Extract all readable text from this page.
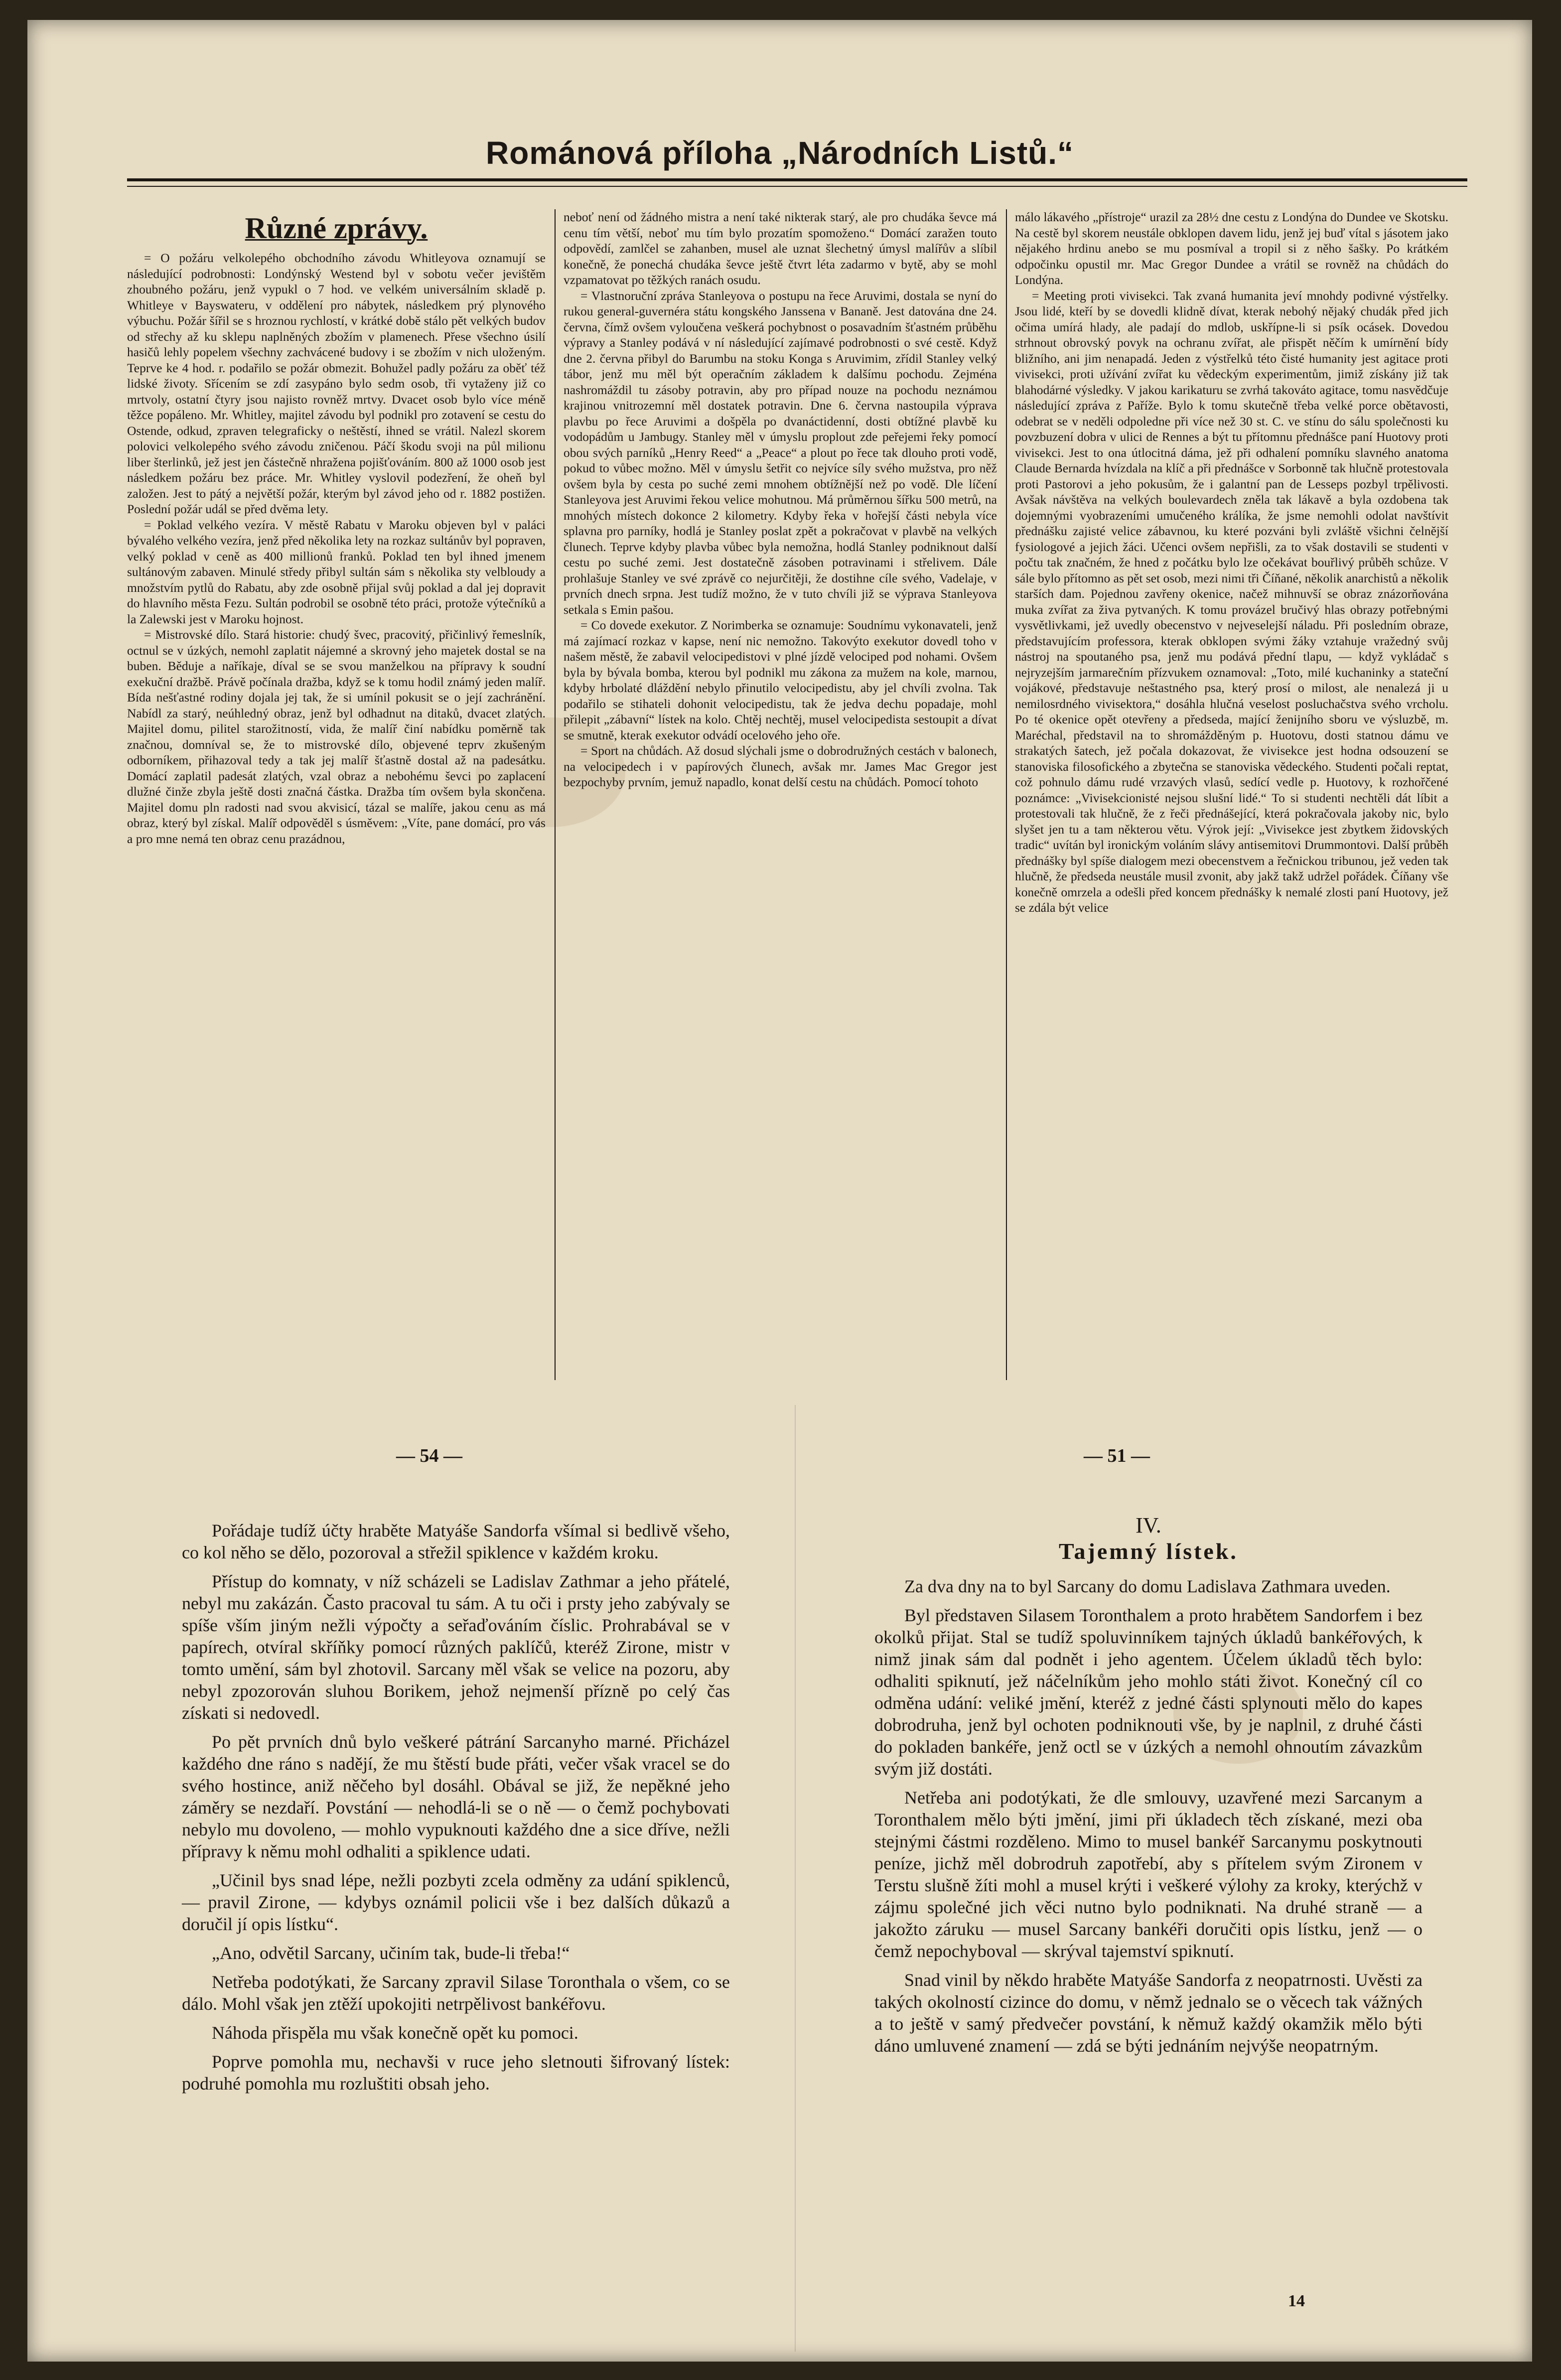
Románová příloha „Národních Listů.“
Různé zprávy.

= O požáru velkolepého obchodního závodu Whitleyova oznamují se následující podrobnosti: Londýnský Westend byl v sobotu večer jevištěm zhoubného požáru, jenž vypukl o 7 hod. ve velkém universálním skladě p. Whitleye v Bayswateru, v oddělení pro nábytek, následkem prý plynového výbuchu. Požár šířil se s hroznou rychlostí, v krátké době stálo pět velkých budov od střechy až ku sklepu naplněných zbožím v plamenech. Přese všechno úsilí hasičů lehly popelem všechny zachvácené budovy i se zbožím v nich uloženým. Teprve ke 4 hod. r. podařilo se požár obmezit. Bohužel padly požáru za oběť též lidské životy. Sřícením se zdí zasypáno bylo sedm osob, tři vytaženy již co mrtvoly, ostatní čtyry jsou najisto rovněž mrtvy. Dvacet osob bylo více méně těžce popáleno. Mr. Whitley, majitel závodu byl podnikl pro zotavení se cestu do Ostende, odkud, zpraven telegraficky o neštěstí, ihned se vrátil. Nalezl skorem polovici velkolepého svého závodu zničenou. Páčí škodu svoji na půl milionu liber šterlinků, jež jest jen částečně nhražena pojišťováním. 800 až 1000 osob jest následkem požáru bez práce. Mr. Whitley vyslovil podezření, že oheň byl založen. Jest to pátý a největší požár, kterým byl závod jeho od r. 1882 postižen. Poslední požár udál se před dvěma lety.

= Poklad velkého vezíra. V městě Rabatu v Maroku objeven byl v paláci bývalého velkého vezíra, jenž před několika lety na rozkaz sultánův byl popraven, velký poklad v ceně as 400 millionů franků. Poklad ten byl ihned jmenem sultánovým zabaven. Minulé středy přibyl sultán sám s několika sty velbloudy a množstvím pytlů do Rabatu, aby zde osobně přijal svůj poklad a dal jej dopravit do hlavního města Fezu. Sultán podrobil se osobně této práci, protože výtečníků a la Zalewski jest v Maroku hojnost.

= Mistrovské dílo. Stará historie: chudý švec, pracovitý, přičinlivý řemeslník, octnul se v úzkých, nemohl zaplatit nájemné a skrovný jeho majetek dostal se na buben. Běduje a naříkaje, díval se se svou manželkou na přípravy k soudní exekuční dražbě. Právě počínala dražba, když se k tomu hodil známý jeden malíř. Bída nešťastné rodiny dojala jej tak, že si umínil pokusit se o její zachránění. Nabídl za starý, neúhledný obraz, jenž byl odhadnut na ditaků, dvacet zlatých. Majitel domu, pilitel starožitností, vida, že malíř činí nabídku poměrně tak značnou, domníval se, že to mistrovské dílo, objevené teprv zkušeným odborníkem, přihazoval tedy a tak jej malíř šťastně dostal až na padesátku. Domácí zaplatil padesát zlatých, vzal obraz a nebohému ševci po zaplacení dlužné činže zbyla ještě dosti značná částka. Dražba tím ovšem byla skončena. Majitel domu pln radosti nad svou akvisicí, tázal se malíře, jakou cenu as má obraz, který byl získal. Malíř odpověděl s úsměvem: „Víte, pane domácí, pro vás a pro mne nemá ten obraz cenu prazádnou,

neboť není od žádného mistra a není také nikterak starý, ale pro chudáka ševce má cenu tím větší, neboť mu tím bylo prozatím spomoženo.“ Domácí zaražen touto odpovědí, zamlčel se zahanben, musel ale uznat šlechetný úmysl malířův a slíbil konečně, že ponechá chudáka ševce ještě čtvrt léta zadarmo v bytě, aby se mohl vzpamatovat po těžkých ranách osudu.

= Vlastnoruční zpráva Stanleyova o postupu na řece Aruvimi, dostala se nyní do rukou general-guvernéra státu kongského Janssena v Bananě. Jest datována dne 24. června, čímž ovšem vyloučena veškerá pochybnost o posavadním šťastném průběhu výpravy a Stanley podává v ní následující zajímavé podrobnosti o své cestě. Když dne 2. června přibyl do Barumbu na stoku Konga s Aruvimim, zřídil Stanley velký tábor, jenž mu měl být operačním základem k dalšímu pochodu. Zejména nashromáždil tu zásoby potravin, aby pro případ nouze na pochodu neznámou krajinou vnitrozemní měl dostatek potravin. Dne 6. června nastoupila výprava plavbu po řece Aruvimi a došpěla po dvanáctidenní, dosti obtížné plavbě ku vodopádům u Jambugy. Stanley měl v úmyslu proplout zde peřejemi řeky pomocí obou svých parníků „Henry Reed“ a „Peace“ a plout po řece tak dlouho proti vodě, pokud to vůbec možno. Měl v úmyslu šetřit co nejvíce síly svého mužstva, pro něž ovšem byla by cesta po suché zemi mnohem obtížnější než po vodě. Dle líčení Stanleyova jest Aruvimi řekou velice mohutnou. Má průměrnou šířku 500 metrů, na mnohých místech dokonce 2 kilometry. Kdyby řeka v hořejší části nebyla více splavna pro parníky, hodlá je Stanley poslat zpět a pokračovat v plavbě na velkých člunech. Teprve kdyby plavba vůbec byla nemožna, hodlá Stanley podniknout další cestu po suché zemi. Jest dostatečně zásoben potravinami i střelivem. Dále prohlašuje Stanley ve své zprávě co nejurčitěji, že dostihne cíle svého, Vadelaje, v prvních dnech srpna. Jest tudíž možno, že v tuto chvíli již se výprava Stanleyova setkala s Emin pašou.

= Co dovede exekutor. Z Norimberka se oznamuje: Soudnímu vykonavateli, jenž má zajímací rozkaz v kapse, není nic nemožno. Takovýto exekutor dovedl toho v našem městě, že zabavil velocipedistovi v plné jízdě velociped pod nohami. Ovšem byla by bývala bomba, kterou byl podnikl mu zákona za mužem na kole, marnou, kdyby hrbolaté dláždění nebylo přinutilo velocipedistu, aby jel chvíli zvolna. Tak podařilo se stihateli dohonit velocipedistu, tak že jedva dechu popadaje, mohl přilepit „zábavní“ lístek na kolo. Chtěj nechtěj, musel velocipedista sestoupit a dívat se smutně, kterak exekutor odvádí ocelového jeho oře.

= Sport na chůdách. Až dosud slýchali jsme o dobrodružných cestách v balonech, na velocipedech i v papírových člunech, avšak mr. James Mac Gregor jest bezpochyby prvním, jemuž napadlo, konat delší cestu na chůdách. Pomocí tohoto

málo lákavého „přístroje“ urazil za 28½ dne cestu z Londýna do Dundee ve Skotsku. Na cestě byl skorem neustále obklopen davem lidu, jenž jej buď vítal s jásotem jako nějakého hrdinu anebo se mu posmíval a tropil si z něho šašky. Po krátkém odpočinku opustil mr. Mac Gregor Dundee a vrátil se rovněž na chůdách do Londýna.

= Meeting proti vivisekci. Tak zvaná humanita jeví mnohdy podivné výstřelky. Jsou lidé, kteří by se dovedli klidně dívat, kterak nebohý nějaký chudák před jich očima umírá hlady, ale padají do mdlob, uskřípne-li si psík ocásek. Dovedou strhnout obrovský povyk na ochranu zvířat, ale přispět něčím k umírnění bídy bližního, ani jim nenapadá. Jeden z výstřelků této čisté humanity jest agitace proti vivisekci, proti užívání zvířat ku vědeckým experimentům, jimiž získány již tak blahodárné výsledky. V jakou karikaturu se zvrhá takováto agitace, tomu nasvědčuje následující zpráva z Paříže. Bylo k tomu skutečně třeba velké porce obětavosti, odebrat se v neděli odpoledne při více než 30 st. C. ve stínu do sálu společnosti ku povzbuzení dobra v ulici de Rennes a být tu přítomnu přednášce paní Huotovy proti vivisekci. Jest to ona útlocitná dáma, jež při odhalení pomníku slavného anatoma Claude Bernarda hvízdala na klíč a při přednášce v Sorbonně tak hlučně protestovala proti Pastorovi a jeho pokusům, že i galantní pan de Lesseps pozbyl trpělivosti. Avšak návštěva na velkých boulevardech zněla tak lákavě a byla ozdobena tak dojemnými vyobrazeními umučeného králíka, že jsme nemohli odolat navštívit přednášku zajisté velice zábavnou, ku které pozváni byli zvláště všichni čelnější fysiologové a jejich žáci. Učenci ovšem nepřišli, za to však dostavili se studenti v počtu tak značném, že hned z počátku bylo lze očekávat bouřlivý průběh schůze. V sále bylo přítomno as pět set osob, mezi nimi tři Číňané, několik anarchistů a několik starších dam. Pojednou zavřeny okenice, načež mihnuvší se obraz znázorňována muka zvířat za živa pytvaných. K tomu provázel bručivý hlas obrazy potřebnými vysvětlivkami, jež uvedly obecenstvo v nejveselejší náladu. Při posledním obraze, představujícím professora, kterak obklopen svými žáky vztahuje vražedný svůj nástroj na spoutaného psa, jenž mu podává přední tlapu, — když vykládač s nejryzejším jarmarečním přízvukem oznamoval: „Toto, milé kuchaninky a stateční vojákové, představuje neštastného psa, který prosí o milost, ale nenalezá ji u nemilosrdného vivisektora,“ dosáhla hlučná veselost posluchačstva svého vrcholu. Po té okenice opět otevřeny a předseda, mající ženijního sboru ve výsluzbě, m. Maréchal, představil na to shromážděným p. Huotovu, dosti statnou dámu ve strakatých šatech, jež počala dokazovat, že vivisekce jest hodna odsouzení se stanoviska filosofického a zbytečna se stanoviska vědeckého. Studenti počali reptat, což pohnulo dámu rudé vrzavých vlasů, sedící vedle p. Huotovy, k rozhořčené poznámce: „Vivisekcionisté nejsou slušní lidé.“ To si studenti nechtěli dát líbit a protestovali tak hlučně, že z řeči přednášející, která pokračovala jakoby nic, bylo slyšet jen tu a tam některou větu. Výrok její: „Vivisekce jest zbytkem židovských tradic“ uvítán byl ironickým voláním slávy antisemitovi Drummontovi. Další průběh přednášky byl spíše dialogem mezi obecenstvem a řečnickou tribunou, jež veden tak hlučně, že předseda neustále musil zvonit, aby jakž takž udržel pořádek. Číňany vše konečně omrzela a odešli před koncem přednášky k nemalé zlosti paní Huotovy, jež se zdála být velice

— 54 —	— 51 —

Pořádaje tudíž účty hraběte Matyáše Sandorfa všímal si bedlivě všeho, co kol něho se dělo, pozoroval a střežil spiklence v každém kroku.

Přístup do komnaty, v níž scházeli se Ladislav Zathmar a jeho přátelé, nebyl mu zakázán. Často pracoval tu sám. A tu oči i prsty jeho zabývaly se spíše vším jiným nežli výpočty a seřaďováním číslic. Prohrabával se v papírech, otvíral skříňky pomocí různých paklíčů, kteréž Zirone, mistr v tomto umění, sám byl zhotovil. Sarcany měl však se velice na pozoru, aby nebyl zpozorován sluhou Borikem, jehož nejmenší přízně po celý čas získati si nedovedl.

Po pět prvních dnů bylo veškeré pátrání Sarcanyho marné. Přicházel každého dne ráno s nadějí, že mu štěstí bude přáti, večer však vracel se do svého hostince, aniž něčeho byl dosáhl. Obával se již, že nepěkné jeho záměry se nezdaří. Povstání — nehodlá-li se o ně — o čemž pochybovati nebylo mu dovoleno, — mohlo vypuknouti každého dne a sice dříve, nežli přípravy k němu mohl odhaliti a spiklence udati.

„Učinil bys snad lépe, nežli pozbyti zcela odměny za udání spiklenců, — pravil Zirone, — kdybys oznámil policii vše i bez dalších důkazů a doručil jí opis lístku“.

„Ano, odvětil Sarcany, učiním tak, bude-li třeba!“

Netřeba podotýkati, že Sarcany zpravil Silase Toronthala o všem, co se dálo. Mohl však jen ztěží upokojiti netrpělivost bankéřovu.

Náhoda přispěla mu však konečně opět ku pomoci.

Poprve pomohla mu, nechavši v ruce jeho sletnouti šifrovaný lístek: podruhé pomohla mu rozluštiti obsah jeho.

IV.
Tajemný lístek.

Za dva dny na to byl Sarcany do domu Ladislava Zathmara uveden.

Byl představen Silasem Toronthalem a proto hrabětem Sandorfem i bez okolků přijat. Stal se tudíž spoluvinníkem tajných úkladů bankéřových, k nimž jinak sám dal podnět i jeho agentem. Účelem úkladů těch bylo: odhaliti spiknutí, jež náčelníkům jeho mohlo státi život. Konečný cíl co odměna udání: veliké jmění, kteréž z jedné části splynouti mělo do kapes dobrodruha, jenž byl ochoten podniknouti vše, by je naplnil, z druhé části do pokladen bankéře, jenž octl se v úzkých a nemohl ohnoutím závazkům svým již dostáti.

Netřeba ani podotýkati, že dle smlouvy, uzavřené mezi Sarcanym a Toronthalem mělo býti jmění, jimi při úkladech těch získané, mezi oba stejnými částmi rozděleno. Mimo to musel bankéř Sarcanymu poskytnouti peníze, jichž měl dobrodruh zapotřebí, aby s přítelem svým Zironem v Terstu slušně žíti mohl a musel krýti i veškeré výlohy za kroky, kterýchž v zájmu společné jich věci nutno bylo podniknati. Na druhé straně — a jakožto záruku — musel Sarcany bankéři doručiti opis lístku, jenž — o čemž nepochyboval — skrýval tajemství spiknutí.

Snad vinil by někdo hraběte Matyáše Sandorfa z neopatrnosti. Uvěsti za takých okolností cizince do domu, v němž jednalo se o věcech tak vážných a to ještě v samý předvečer povstání, k němuž každý okamžik mělo býti dáno umluvené znamení — zdá se býti jednáním nejvýše neopatrným.

14
